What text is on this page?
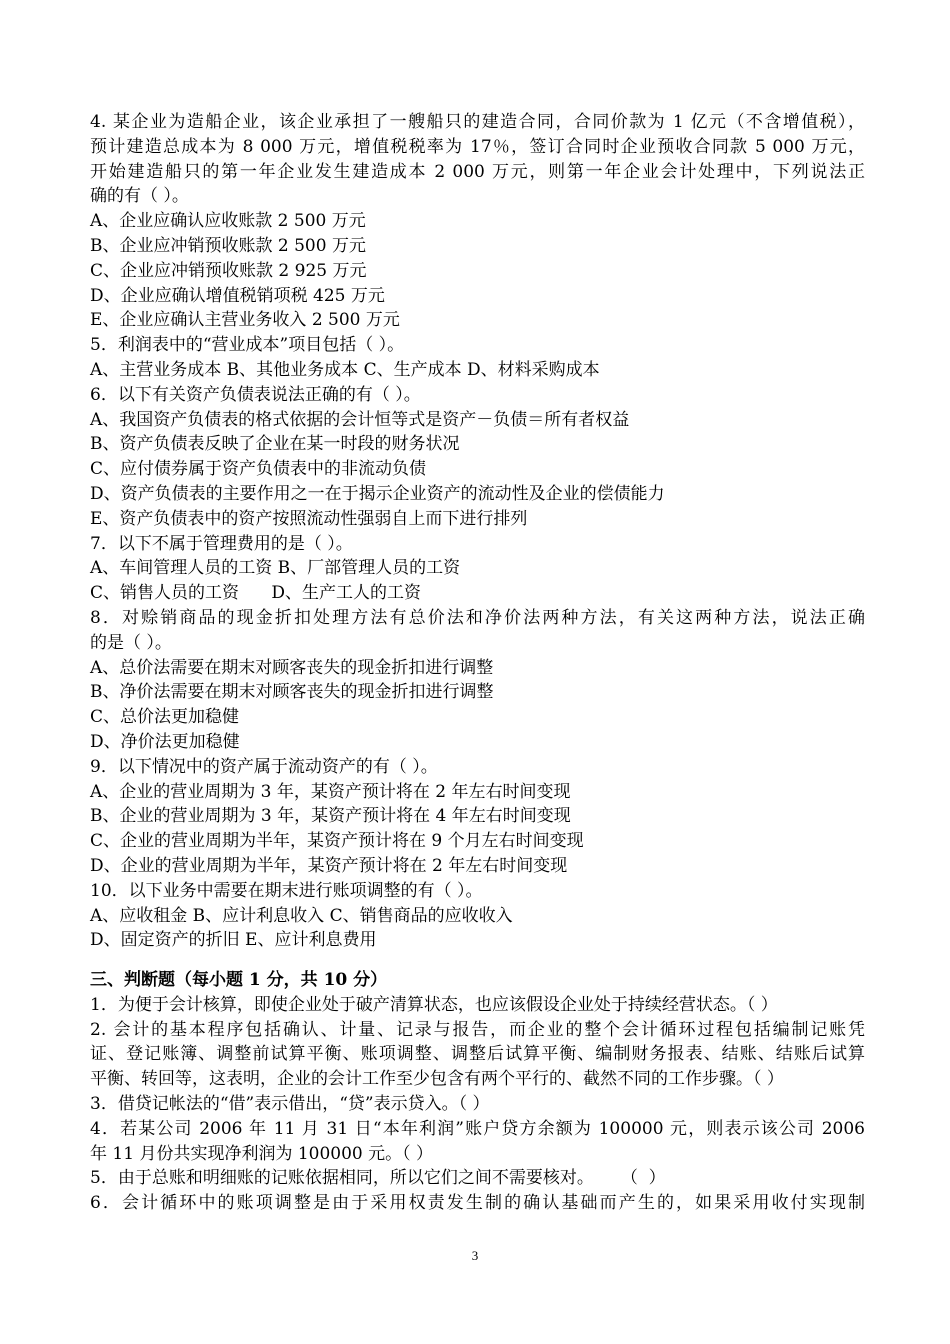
4. 某企业为造船企业，该企业承担了一艘船只的建造合同，合同价款为 1 亿元（不含增值税），
预计建造总成本为 8 000 万元，增值税税率为 17％，签订合同时企业预收合同款 5 000 万元，
开始建造船只的第一年企业发生建造成本 2 000 万元，则第一年企业会计处理中，下列说法正
确的有（ ）。
A、企业应确认应收账款 2 500 万元
B、企业应冲销预收账款 2 500 万元
C、企业应冲销预收账款 2 925 万元
D、企业应确认增值税销项税 425 万元
E、企业应确认主营业务收入 2 500 万元
5．利润表中的“营业成本”项目包括（ ）。
A、主营业务成本 B、其他业务成本 C、生产成本 D、材料采购成本
6．以下有关资产负债表说法正确的有（ ）。
A、我国资产负债表的格式依据的会计恒等式是资产－负债＝所有者权益
B、资产负债表反映了企业在某一时段的财务状况
C、应付债券属于资产负债表中的非流动负债
D、资产负债表的主要作用之一在于揭示企业资产的流动性及企业的偿债能力
E、资产负债表中的资产按照流动性强弱自上而下进行排列
7．以下不属于管理费用的是（ ）。
A、车间管理人员的工资 B、厂部管理人员的工资
C、销售人员的工资      D、生产工人的工资
8．对赊销商品的现金折扣处理方法有总价法和净价法两种方法，有关这两种方法，说法正确
的是（ ）。
A、总价法需要在期末对顾客丧失的现金折扣进行调整
B、净价法需要在期末对顾客丧失的现金折扣进行调整
C、总价法更加稳健
D、净价法更加稳健
9．以下情况中的资产属于流动资产的有（ ）。
A、企业的营业周期为 3 年，某资产预计将在 2 年左右时间变现
B、企业的营业周期为 3 年，某资产预计将在 4 年左右时间变现
C、企业的营业周期为半年，某资产预计将在 9 个月左右时间变现
D、企业的营业周期为半年，某资产预计将在 2 年左右时间变现
10．以下业务中需要在期末进行账项调整的有（ ）。
A、应收租金 B、应计利息收入 C、销售商品的应收收入
D、固定资产的折旧 E、应计利息费用
三、判断题（每小题 1 分，共 10 分）
1．为便于会计核算，即使企业处于破产清算状态，也应该假设企业处于持续经营状态。（ ）
2. 会计的基本程序包括确认、计量、记录与报告，而企业的整个会计循环过程包括编制记账凭
证、登记账簿、调整前试算平衡、账项调整、调整后试算平衡、编制财务报表、结账、结账后试算
平衡、转回等，这表明，企业的会计工作至少包含有两个平行的、截然不同的工作步骤。（ ）
3．借贷记帐法的“借”表示借出，“贷”表示贷入。（ ）
4．若某公司 2006 年 11 月 31 日“本年利润”账户贷方余额为 100000 元，则表示该公司 2006
年 11 月份共实现净利润为 100000 元。（ ）
5．由于总账和明细账的记账依据相同，所以它们之间不需要核对。     （  ）
6．会计循环中的账项调整是由于采用权责发生制的确认基础而产生的，如果采用收付实现制
3
